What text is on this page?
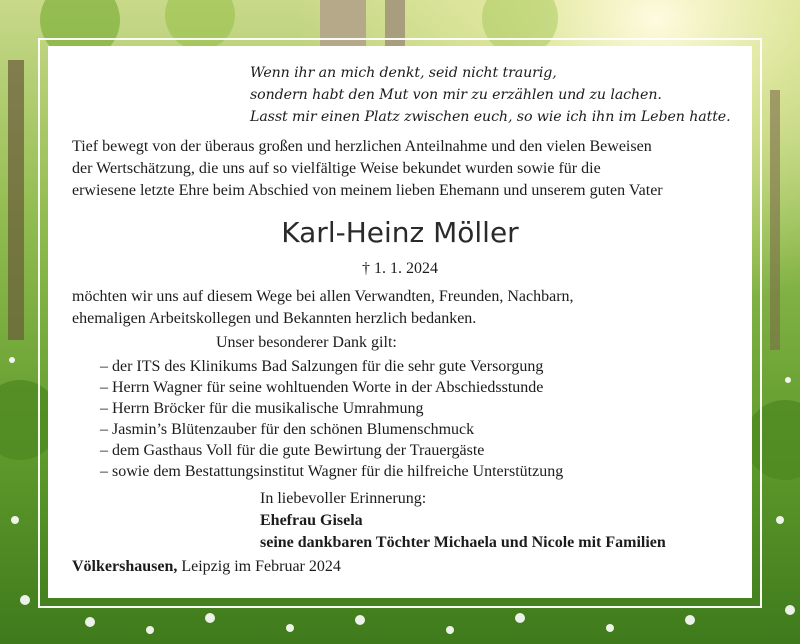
Wenn ihr an mich denkt, seid nicht traurig,
sondern habt den Mut von mir zu erzählen und zu lachen.
Lasst mir einen Platz zwischen euch, so wie ich ihn im Leben hatte.
Tief bewegt von der überaus großen und herzlichen Anteilnahme und den vielen Beweisen
der Wertschätzung, die uns auf so vielfältige Weise bekundet wurden sowie für die
erwiesene letzte Ehre beim Abschied von meinem lieben Ehemann und unserem guten Vater
Karl-Heinz Möller
† 1. 1. 2024
möchten wir uns auf diesem Wege bei allen Verwandten, Freunden, Nachbarn,
ehemaligen Arbeitskollegen und Bekannten herzlich bedanken.
Unser besonderer Dank gilt:
– der ITS des Klinikums Bad Salzungen für die sehr gute Versorgung
– Herrn Wagner für seine wohltuenden Worte in der Abschiedsstunde
– Herrn Bröcker für die musikalische Umrahmung
– Jasmin’s Blütenzauber für den schönen Blumenschmuck
– dem Gasthaus Voll für die gute Bewirtung der Trauergäste
– sowie dem Bestattungsinstitut Wagner für die hilfreiche Unterstützung
In liebevoller Erinnerung:
Ehefrau Gisela
seine dankbaren Töchter Michaela und Nicole mit Familien
Völkershausen, Leipzig im Februar 2024
